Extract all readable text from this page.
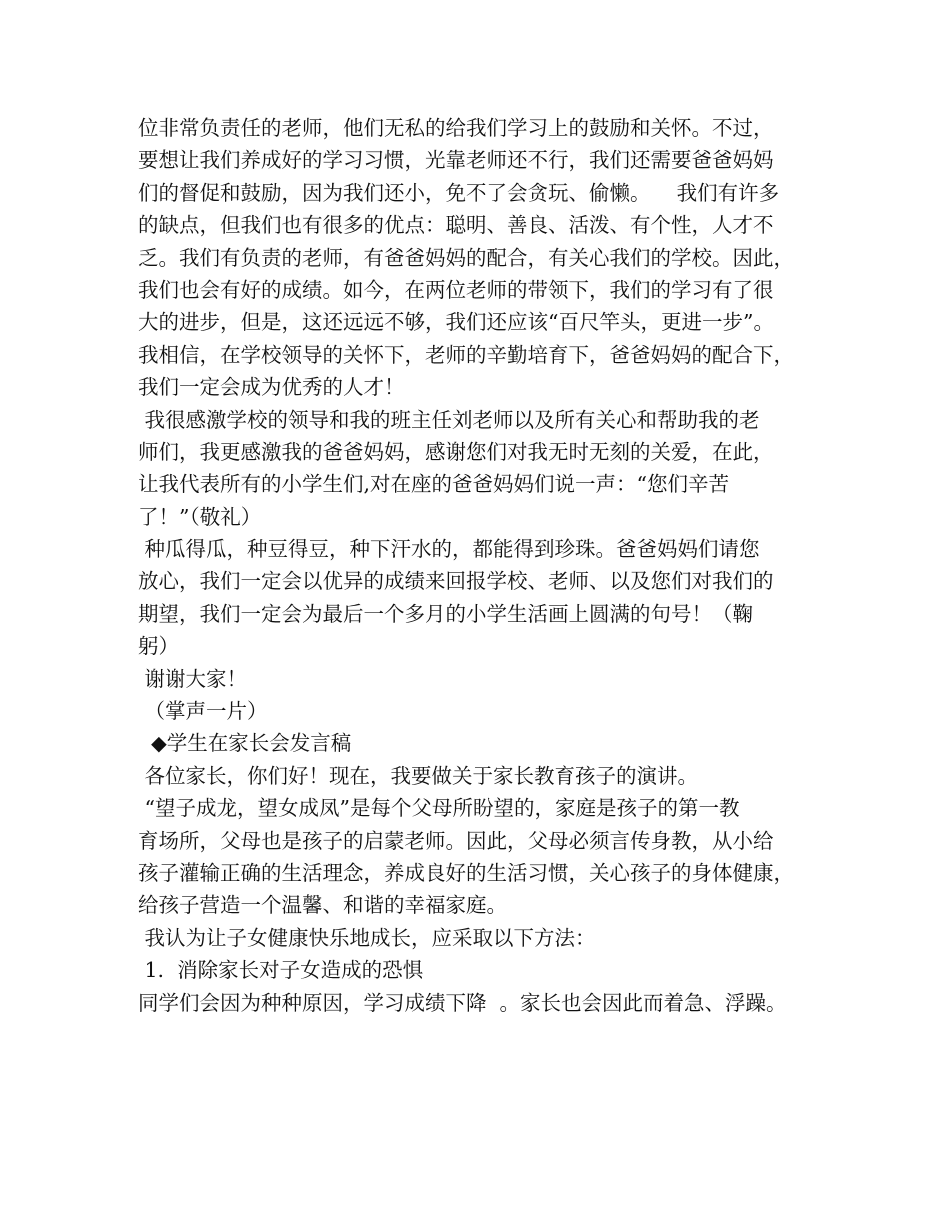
位非常负责任的老师，他们无私的给我们学习上的鼓励和关怀。不过，
要想让我们养成好的学习习惯，光靠老师还不行，我们还需要爸爸妈妈
们的督促和鼓励，因为我们还小，免不了会贪玩、偷懒。    我们有许多
的缺点，但我们也有很多的优点：聪明、善良、活泼、有个性，人才不
乏。我们有负责的老师，有爸爸妈妈的配合，有关心我们的学校。因此，
我们也会有好的成绩。如今，在两位老师的带领下，我们的学习有了很
大的进步，但是，这还远远不够，我们还应该“百尺竿头，更进一步”。
我相信，在学校领导的关怀下，老师的辛勤培育下，爸爸妈妈的配合下，
我们一定会成为优秀的人才！
我很感激学校的领导和我的班主任刘老师以及所有关心和帮助我的老
师们，我更感激我的爸爸妈妈，感谢您们对我无时无刻的关爱，在此，
让我代表所有的小学生们,对在座的爸爸妈妈们说一声：“您们辛苦
了！”（敬礼）
种瓜得瓜，种豆得豆，种下汗水的，都能得到珍珠。爸爸妈妈们请您
放心，我们一定会以优异的成绩来回报学校、老师、以及您们对我们的
期望，我们一定会为最后一个多月的小学生活画上圆满的句号！（鞠
躬）
谢谢大家！
（掌声一片）
◆学生在家长会发言稿
各位家长，你们好！现在，我要做关于家长教育孩子的演讲。
“望子成龙，望女成凤”是每个父母所盼望的，家庭是孩子的第一教
育场所，父母也是孩子的启蒙老师。因此，父母必须言传身教，从小给
孩子灌输正确的生活理念，养成良好的生活习惯，关心孩子的身体健康，
给孩子营造一个温馨、和谐的幸福家庭。
我认为让子女健康快乐地成长，应采取以下方法：
1.  消除家长对子女造成的恐惧
同学们会因为种种原因，学习成绩下降  。家长也会因此而着急、浮躁。
